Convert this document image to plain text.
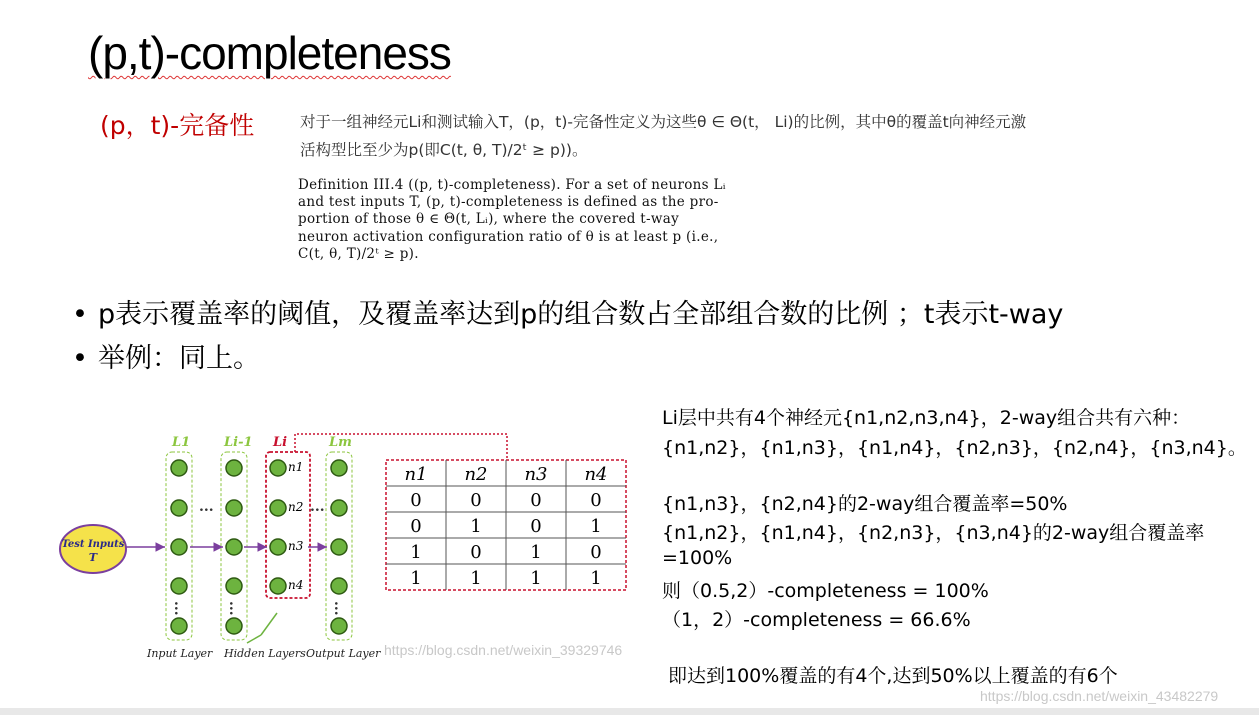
(p,t)-completeness
(p，t)-完备性	对于一组神经元Li和测试输入T，(p，t)-完备性定义为这些θ ∈ Θ(t， Li)的比例，其中θ的覆盖t向神经元激
活构型比至少为p(即C(t, θ, T)/2ᵗ ≥ p))。
Definition III.4 ((p, t)-completeness). For a set of neurons Lᵢ
and test inputs T, (p, t)-completeness is defined as the pro-
portion of those θ ∈ Θ(t, Lᵢ), where the covered t-way
neuron activation configuration ratio of θ is at least p (i.e.,
C(t, θ, T)/2ᵗ ≥ p).
• p表示覆盖率的阈值，及覆盖率达到p的组合数占全部组合数的比例 ；t表示t-way
• 举例：同上。
L1	Li-1 Li	Lm
Test Inputs
T
n1
n2
n3
n4
...	...
...	...	...
Input Layer Hidden Layers Output Layer
n1 n2 n3 n4
0	0	0	0
0	1	0	1
1	0	1	0
1	1	1	1
Li层中共有4个神经元{n1,n2,n3,n4}，2-way组合共有六种：
{n1,n2}，{n1,n3}，{n1,n4}，{n2,n3}，{n2,n4}，{n3,n4}。
{n1,n3}，{n2,n4}的2-way组合覆盖率=50%
{n1,n2}，{n1,n4}，{n2,n3}，{n3,n4}的2-way组合覆盖率
=100%
则（0.5,2）-completeness = 100%
（1，2）-completeness = 66.6%
即达到100%覆盖的有4个,达到50%以上覆盖的有6个
https://blog.csdn.net/weixin_39329746
https://blog.csdn.net/weixin_43482279
